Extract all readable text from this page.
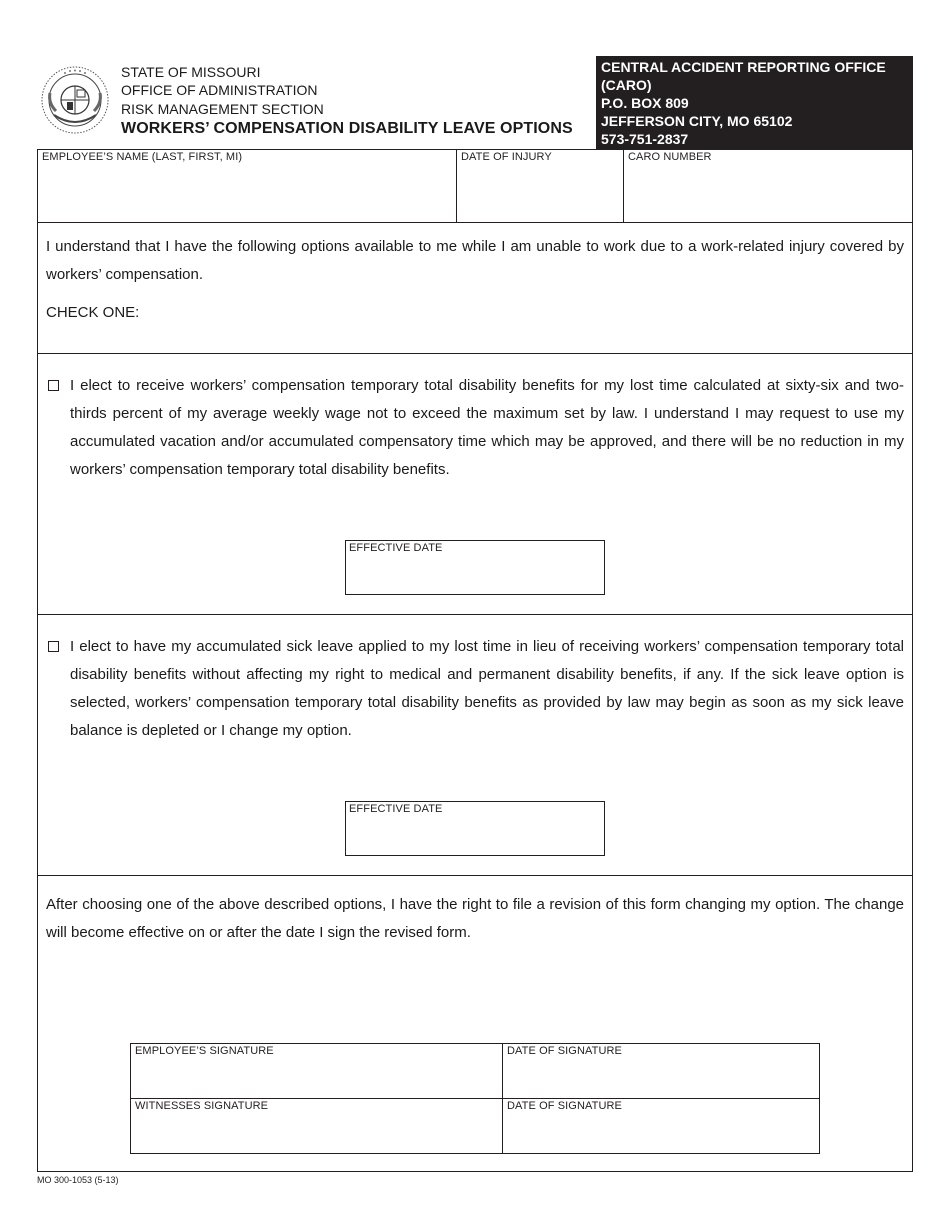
STATE OF MISSOURI
OFFICE OF ADMINISTRATION
RISK MANAGEMENT SECTION
WORKERS’ COMPENSATION DISABILITY LEAVE OPTIONS
CENTRAL ACCIDENT REPORTING OFFICE
(CARO)
P.O. BOX 809
JEFFERSON CITY, MO 65102
573-751-2837
EMPLOYEE’S NAME (LAST, FIRST, MI)	DATE OF INJURY	CARO NUMBER
I understand that I have the following options available to me while I am unable to work due to a work-related injury covered by workers’ compensation.
CHECK ONE:
I elect to receive workers’ compensation temporary total disability benefits for my lost time calculated at sixty-six and two-thirds percent of my average weekly wage not to exceed the maximum set by law. I understand I may request to use my accumulated vacation and/or accumulated compensatory time which may be approved, and there will be no reduction in my workers’ compensation temporary total disability benefits.
EFFECTIVE DATE
I elect to have my accumulated sick leave applied to my lost time in lieu of receiving workers’ compensation temporary total disability benefits without affecting my right to medical and permanent disability benefits, if any. If the sick leave option is selected, workers’ compensation temporary total disability benefits as provided by law may begin as soon as my sick leave balance is depleted or I change my option.
EFFECTIVE DATE
After choosing one of the above described options, I have the right to file a revision of this form changing my option. The change will become effective on or after the date I sign the revised form.
EMPLOYEE’S SIGNATURE	DATE OF SIGNATURE
WITNESSES SIGNATURE	DATE OF SIGNATURE
MO 300-1053 (5-13)
